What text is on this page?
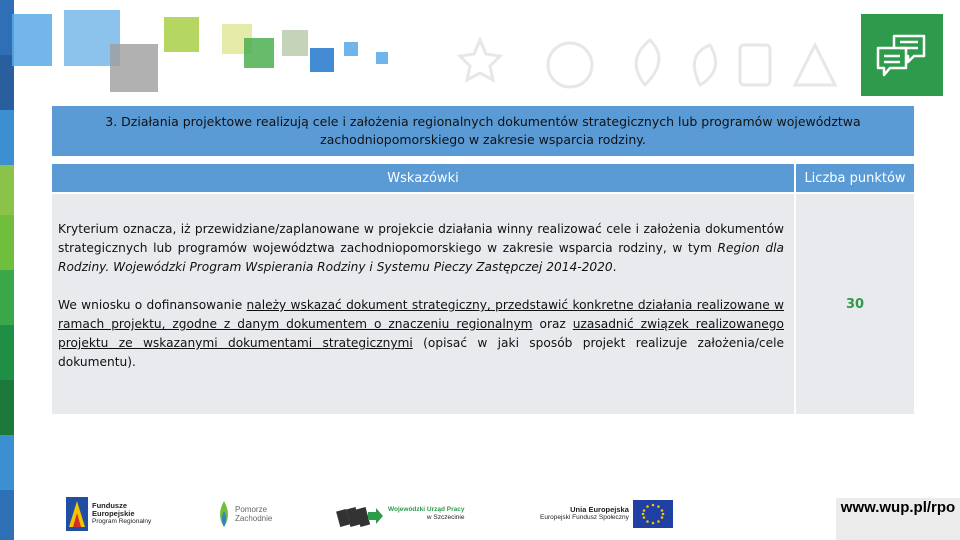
3. Działania projektowe realizują cele i założenia regionalnych dokumentów strategicznych lub programów województwa zachodniopomorskiego w zakresie wsparcia rodziny.
Wskazówki	Liczba punktów
Kryterium oznacza, iż przewidziane/zaplanowane w projekcie działania winny realizować cele i założenia dokumentów strategicznych lub programów województwa zachodniopomorskiego w zakresie wsparcia rodziny, w tym Region dla Rodziny. Wojewódzki Program Wspierania Rodziny i Systemu Pieczy Zastępczej 2014-2020.
We wniosku o dofinansowanie należy wskazać dokument strategiczny, przedstawić konkretne działania realizowane w ramach projektu, zgodne z danym dokumentem o znaczeniu regionalnym oraz uzasadnić związek realizowanego projektu ze wskazanymi dokumentami strategicznymi (opisać w jaki sposób projekt realizuje założenia/cele dokumentu).
30
Fundusze
Europejskie
Program Regionalny
Pomorze
Zachodnie
Wojewódzki Urząd Pracy
w Szczecinie
Unia Europejska
Europejski Fundusz Społeczny
www.wup.pl/rpo
